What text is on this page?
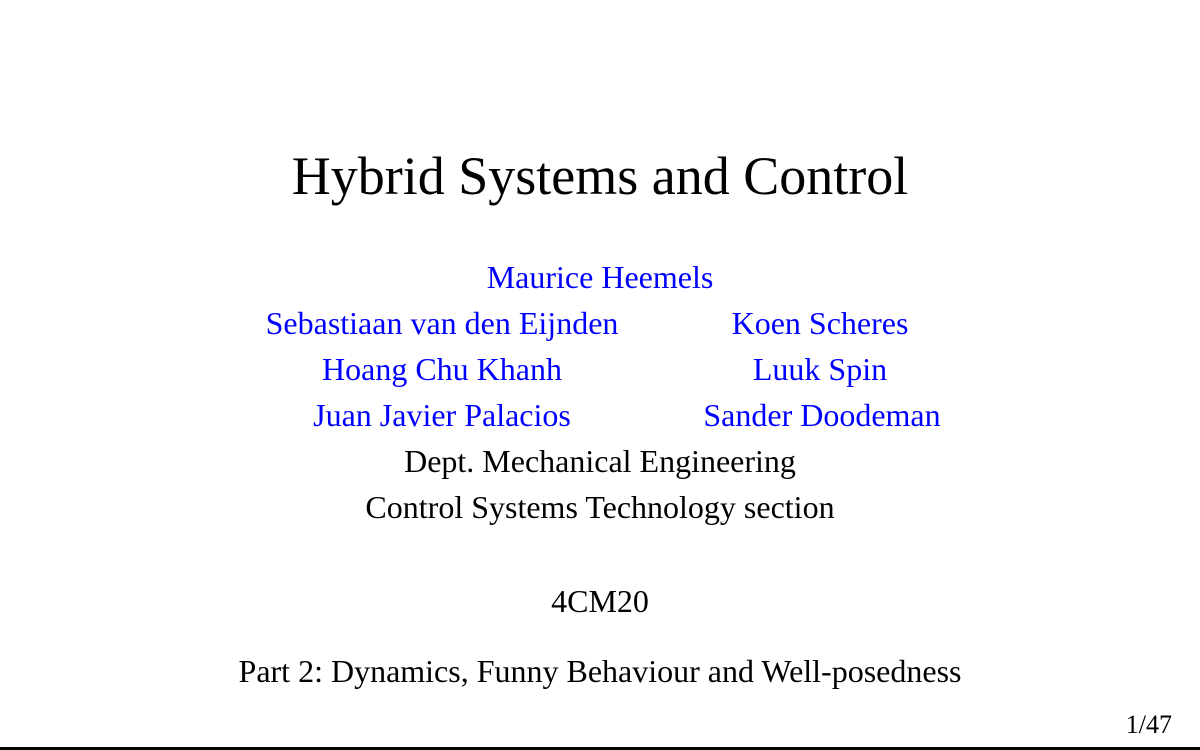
Hybrid Systems and Control
Maurice Heemels
Sebastiaan van den Eijnden	Koen Scheres
Hoang Chu Khanh	Luuk Spin
Juan Javier Palacios	Sander Doodeman
Dept. Mechanical Engineering
Control Systems Technology section
4CM20
Part 2: Dynamics, Funny Behaviour and Well-posedness
1/47
